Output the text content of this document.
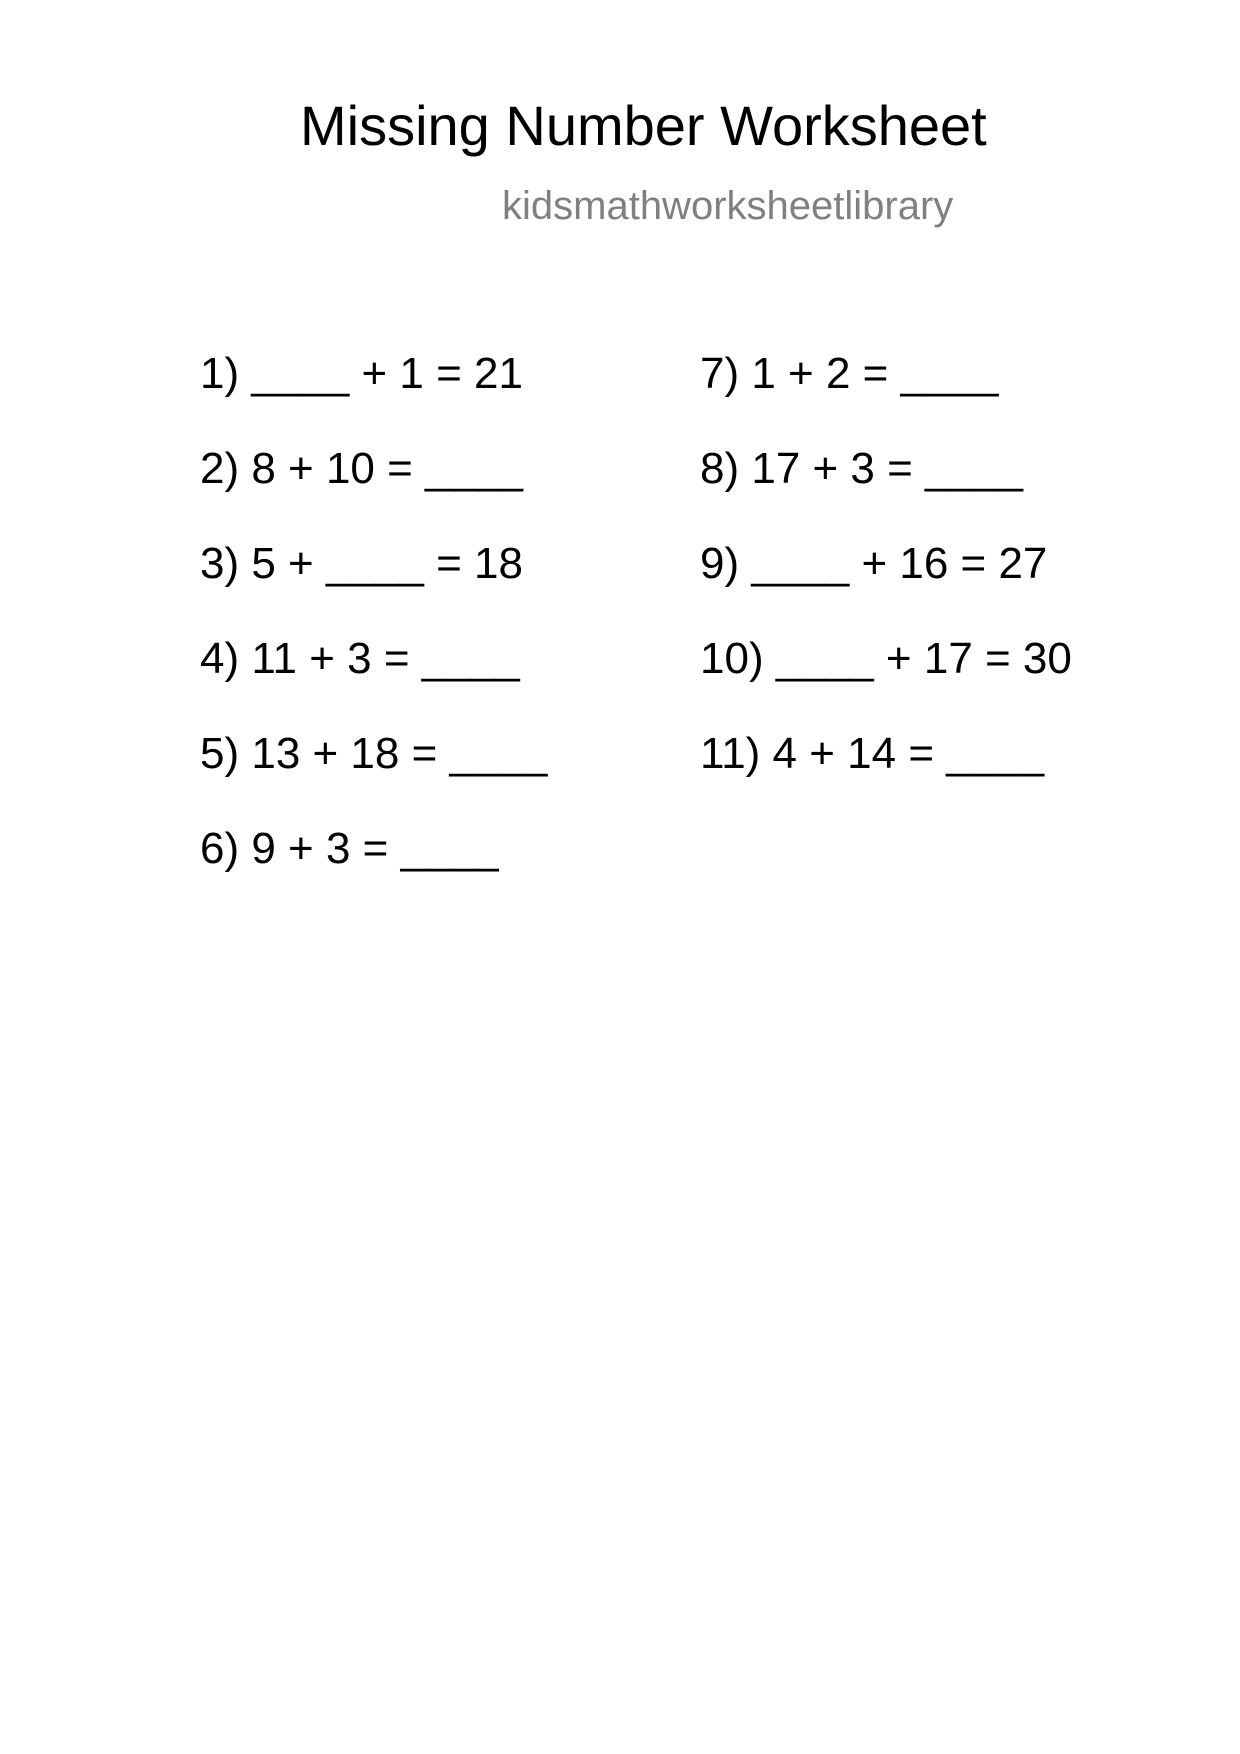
Missing Number Worksheet
kidsmathworksheetlibrary
1) ____ + 1 = 21
2) 8 + 10 = ____
3) 5 + ____ = 18
4) 11 + 3 = ____
5) 13 + 18 = ____
6) 9 + 3 = ____
7) 1 + 2 = ____
8) 17 + 3 = ____
9) ____ + 16 = 27
10) ____ + 17 = 30
11) 4 + 14 = ____
